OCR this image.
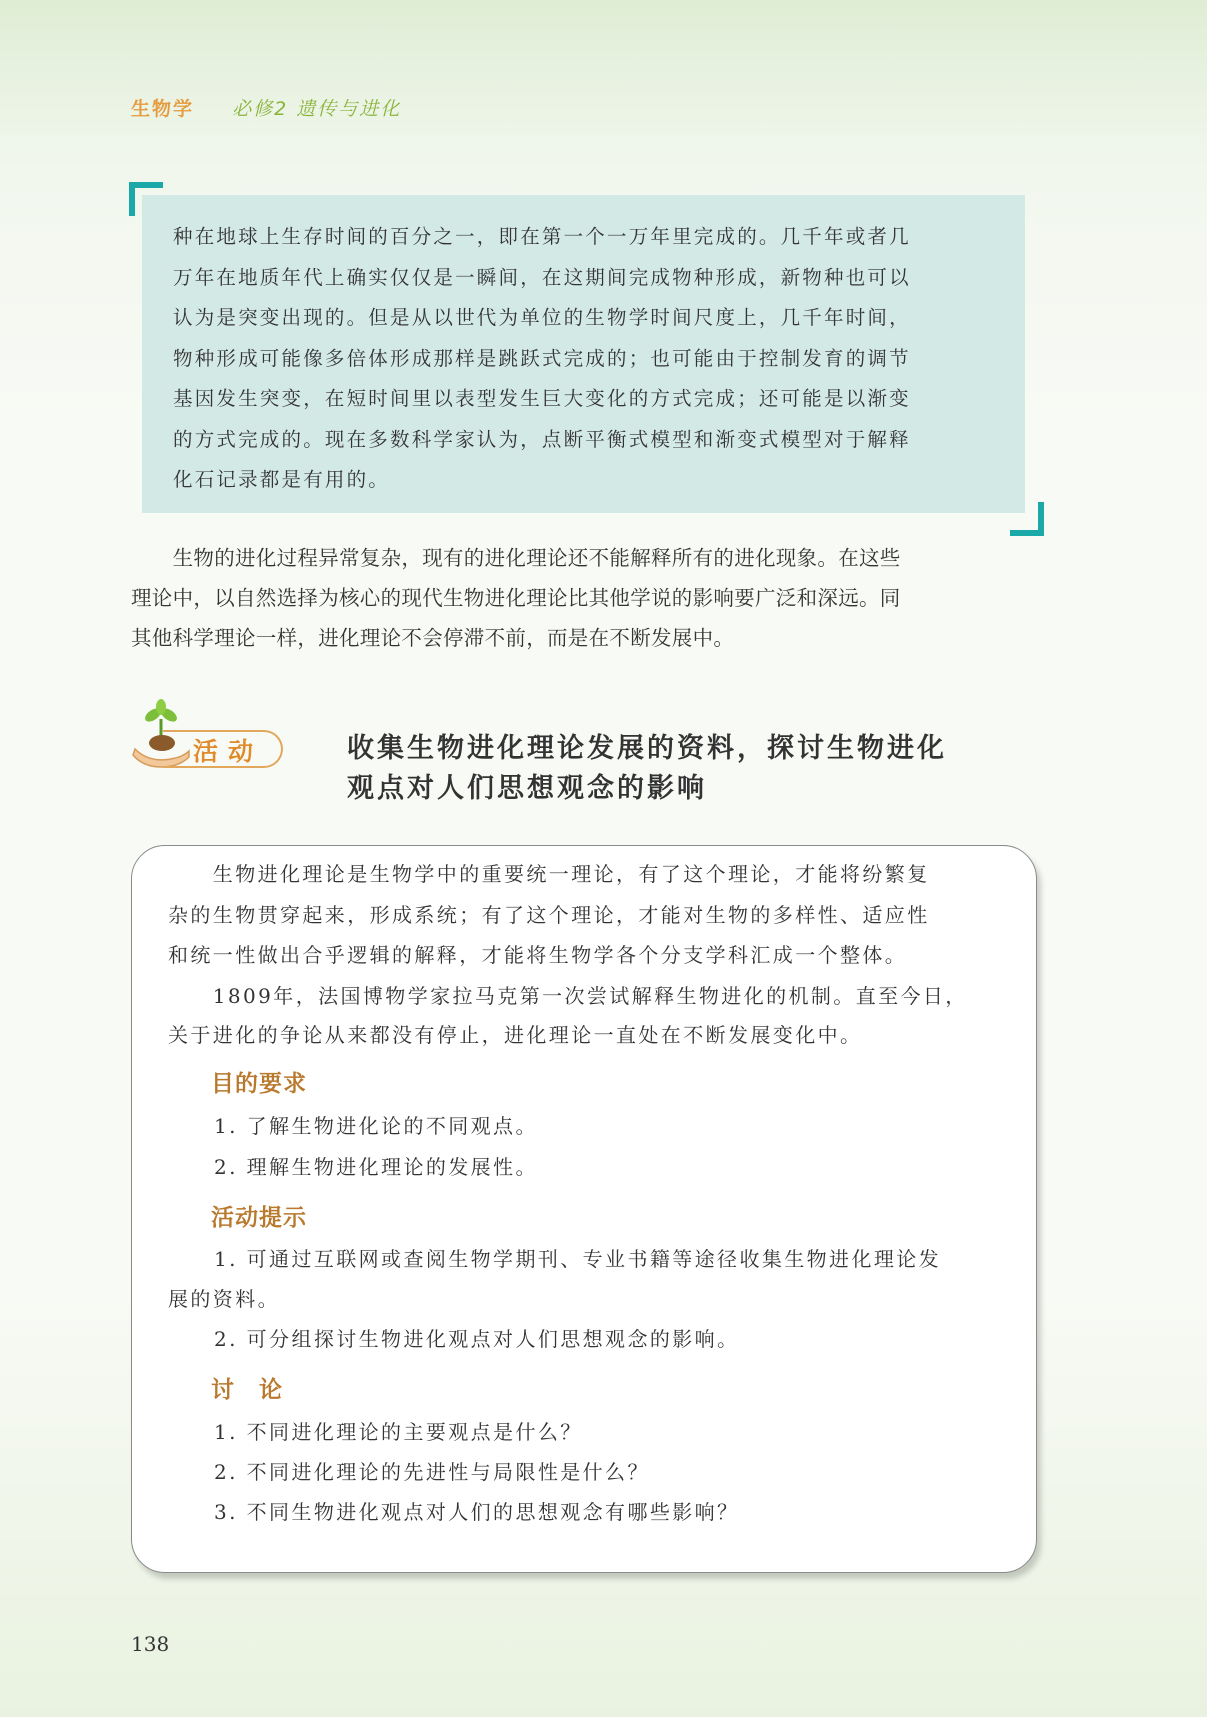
生物学 必修2 遗传与进化
种在地球上生存时间的百分之一，即在第一个一万年里完成的。几千年或者几
万年在地质年代上确实仅仅是一瞬间，在这期间完成物种形成，新物种也可以
认为是突变出现的。但是从以世代为单位的生物学时间尺度上，几千年时间，
物种形成可能像多倍体形成那样是跳跃式完成的；也可能由于控制发育的调节
基因发生突变，在短时间里以表型发生巨大变化的方式完成；还可能是以渐变
的方式完成的。现在多数科学家认为，点断平衡式模型和渐变式模型对于解释
化石记录都是有用的。
　　生物的进化过程异常复杂，现有的进化理论还不能解释所有的进化现象。在这些
理论中，以自然选择为核心的现代生物进化理论比其他学说的影响要广泛和深远。同
其他科学理论一样，进化理论不会停滞不前，而是在不断发展中。
活动	收集生物进化理论发展的资料，探讨生物进化
观点对人们思想观念的影响
　　生物进化理论是生物学中的重要统一理论，有了这个理论，才能将纷繁复
杂的生物贯穿起来，形成系统；有了这个理论，才能对生物的多样性、适应性
和统一性做出合乎逻辑的解释，才能将生物学各个分支学科汇成一个整体。
　　1809年，法国博物学家拉马克第一次尝试解释生物进化的机制。直至今日，
关于进化的争论从来都没有停止，进化理论一直处在不断发展变化中。
目的要求
1. 了解生物进化论的不同观点。
2. 理解生物进化理论的发展性。
活动提示
1. 可通过互联网或查阅生物学期刊、专业书籍等途径收集生物进化理论发
展的资料。
2. 可分组探讨生物进化观点对人们思想观念的影响。
讨　论
1. 不同进化理论的主要观点是什么？
2. 不同进化理论的先进性与局限性是什么？
3. 不同生物进化观点对人们的思想观念有哪些影响？
138
